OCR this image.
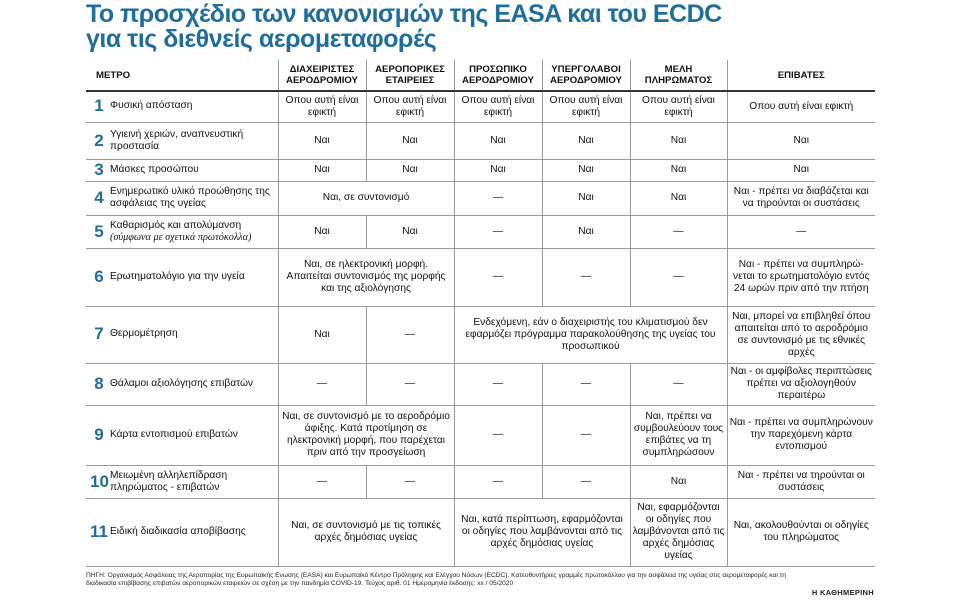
Το προσχέδιο των κανονισμών της EASA και του ECDC
για τις διεθνείς αερομεταφορές
ΜΕΤΡΟ	ΔΙΑΧΕΙΡΙΣΤΕΣ ΑΕΡΟΔΡΟΜΙΟΥ	ΑΕΡΟΠΟΡΙΚΕΣ ΕΤΑΙΡΕΙΕΣ	ΠΡΟΣΩΠΙΚΟ ΑΕΡΟΔΡΟΜΙΟΥ	ΥΠΕΡΓΟΛΑΒΟΙ ΑΕΡΟΔΡΟΜΙΟΥ	ΜΕΛΗ ΠΛΗΡΩΜΑΤΟΣ	ΕΠΙΒΑΤΕΣ
1 Φυσική απόσταση	Οπου αυτή είναι εφικτή	Οπου αυτή είναι εφικτή	Οπου αυτή είναι εφικτή	Οπου αυτή είναι εφικτή	Οπου αυτή είναι εφικτή	Οπου αυτή είναι εφικτή
2 Υγιεινή χεριών, αναπνευστική προστασία	Ναι	Ναι	Ναι	Ναι	Ναι	Ναι
3 Μάσκες προσώπου	Ναι	Ναι	Ναι	Ναι	Ναι	Ναι
4 Ενημερωτικό υλικό προώθησης της ασφάλειας της υγείας	Ναι, σε συντονισμό		—	Ναι	Ναι	Ναι - πρέπει να διαβάζεται και να τηρούνται οι συστάσεις
5 Καθαρισμός και απολύμανση
(σύμφωνα με σχετικά πρωτόκολλα)	Ναι	Ναι	—	Ναι	—	—
6 Ερωτηματολόγιο για την υγεία	Ναι, σε ηλεκτρονική μορφή. Απαιτείται συντονισμός της μορφής και της αξιολόγησης		—	—	—	Ναι - πρέπει να συμπληρώ-νεται το ερωτηματολόγιο εντός 24 ωρών πριν από την πτήση
7 Θερμομέτρηση	Ναι	—	Ενδεχόμενη, εάν ο διαχειριστής του κλιματισμού δεν εφαρμόζει πρόγραμμα παρακολούθησης της υγείας του προσωπικού			Ναι, μπορεί να επιβληθεί όπου απαιτείται από το αεροδρόμιο σε συντονισμό με τις εθνικές αρχές
8 Θάλαμοι αξιολόγησης επιβατών	—	—	—	—	—	Ναι - οι αμφίβολες περιπτώσεις πρέπει να αξιολογηθούν περαιτέρω
9 Κάρτα εντοπισμού επιβατών	Ναι, σε συντονισμό με το αεροδρόμιο άφιξης. Κατά προτίμηση σε ηλεκτρονική μορφή, που παρέχεται πριν από την προσγείωση		—	—	Ναι, πρέπει να συμβουλεύουν τους επιβάτες να τη συμπληρώσουν	Ναι - πρέπει να συμπληρώνουν την παρεχόμενη κάρτα εντοπισμού
10Μειωμένη αλληλεπίδραση πληρώματος - επιβατών	—	—	—	—	Ναι	Ναι - πρέπει να τηρούνται οι συστάσεις
11 Ειδική διαδικασία αποβίβασης	Ναι, σε συντονισμό με τις τοπικές αρχές δημόσιας υγείας		Ναι, κατά περίπτωση, εφαρμόζονται οι οδηγίες που λαμβάνονται από τις αρχές δημόσιας υγείας		Ναι, εφαρμόζονται οι οδηγίες που λαμβάνονται από τις αρχές δημόσιας υγείας	Ναι, ακολουθούνται οι οδηγίες του πληρώματος
ΠΗΓΗ: Οργανισμός Ασφάλειας της Αεροπορίας της Ευρωπαϊκής Ενωσης (EASA) και Ευρωπαϊκό Κέντρο Πρόληψης και Ελέγχου Νόσων (ECDC). Κατευθυντήριες γραμμές πρωτοκόλλου για την ασφάλεια της υγείας στις αερομεταφορές και τη διαδικασία επιβίβασης επιβατών αεροπορικών εταιρειών σε σχέση με την πανδημία COVID-19. Τεύχος αριθ. 01 Ημερομηνία έκδοσης: xx / 05/2020
Η ΚΑΘΗΜΕΡΙΝΗ
